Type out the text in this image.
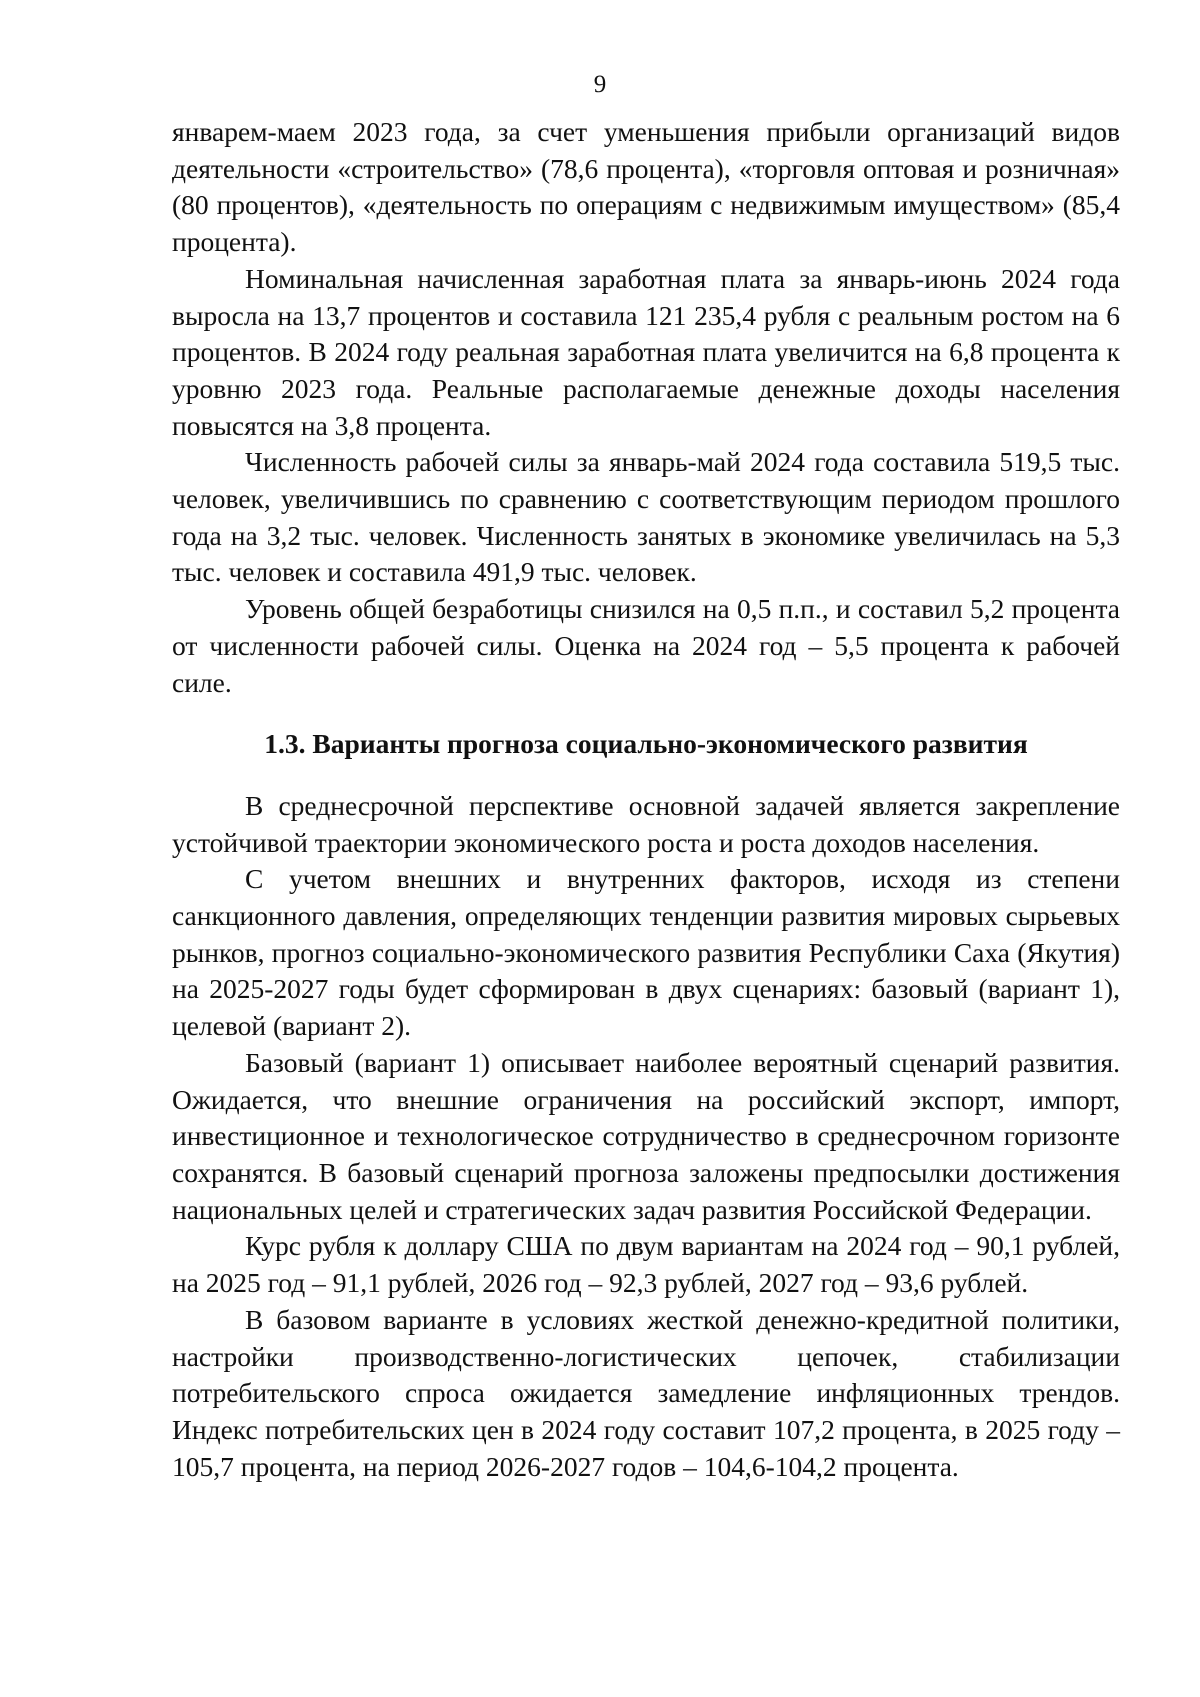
9

январем-маем 2023 года, за счет уменьшения прибыли организаций видов деятельности «строительство» (78,6 процента), «торговля оптовая и розничная» (80 процентов), «деятельность по операциям с недвижимым имуществом» (85,4 процента).

Номинальная начисленная заработная плата за январь-июнь 2024 года выросла на 13,7 процентов и составила 121 235,4 рубля с реальным ростом на 6 процентов. В 2024 году реальная заработная плата увеличится на 6,8 процента к уровню 2023 года. Реальные располагаемые денежные доходы населения повысятся на 3,8 процента.

Численность рабочей силы за январь-май 2024 года составила 519,5 тыс. человек, увеличившись по сравнению с соответствующим периодом прошлого года на 3,2 тыс. человек. Численность занятых в экономике увеличилась на 5,3 тыс. человек и составила 491,9 тыс. человек.

Уровень общей безработицы снизился на 0,5 п.п., и составил 5,2 процента от численности рабочей силы. Оценка на 2024 год – 5,5 процента к рабочей силе.

1.3. Варианты прогноза социально-экономического развития

В среднесрочной перспективе основной задачей является закрепление устойчивой траектории экономического роста и роста доходов населения.

С учетом внешних и внутренних факторов, исходя из степени санкционного давления, определяющих тенденции развития мировых сырьевых рынков, прогноз социально-экономического развития Республики Саха (Якутия) на 2025-2027 годы будет сформирован в двух сценариях: базовый (вариант 1), целевой (вариант 2).

Базовый (вариант 1) описывает наиболее вероятный сценарий развития. Ожидается, что внешние ограничения на российский экспорт, импорт, инвестиционное и технологическое сотрудничество в среднесрочном горизонте сохранятся. В базовый сценарий прогноза заложены предпосылки достижения национальных целей и стратегических задач развития Российской Федерации.

Курс рубля к доллару США по двум вариантам на 2024 год – 90,1 рублей, на 2025 год – 91,1 рублей, 2026 год – 92,3 рублей, 2027 год – 93,6 рублей.

В базовом варианте в условиях жесткой денежно-кредитной политики, настройки производственно-логистических цепочек, стабилизации потребительского спроса ожидается замедление инфляционных трендов. Индекс потребительских цен в 2024 году составит 107,2 процента, в 2025 году – 105,7 процента, на период 2026-2027 годов – 104,6-104,2 процента.
